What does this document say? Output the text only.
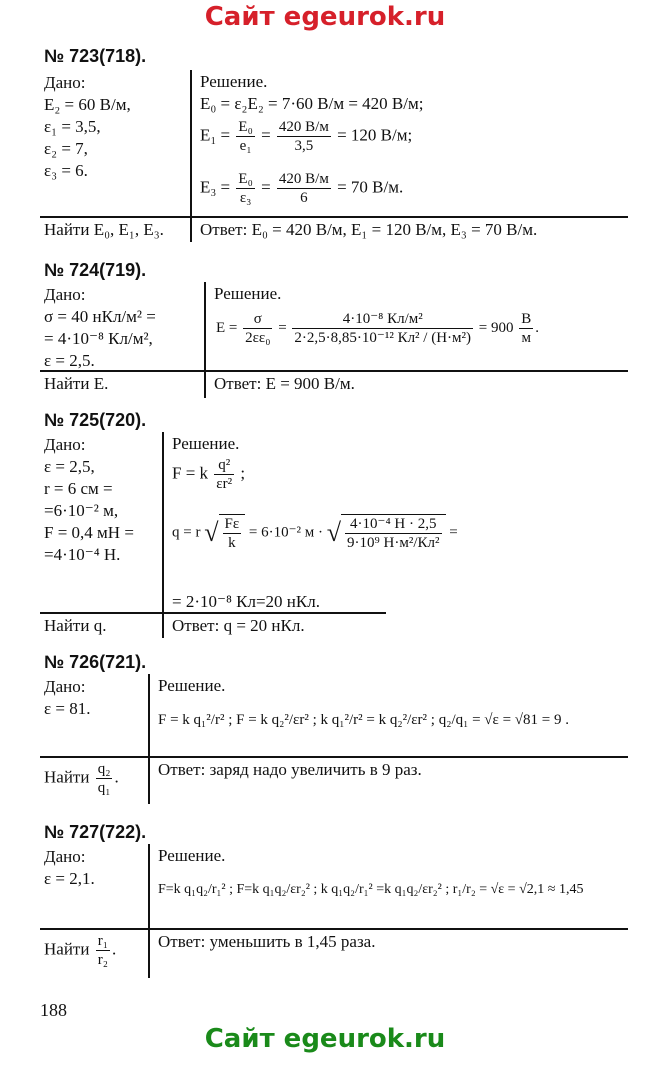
Сайт egeurok.ru
№ 723(718).
Дано:
E₂ = 60 В/м,
ε₁ = 3,5,
ε₂ = 7,
ε₃ = 6.
Решение.
E₀ = ε₂E₂ = 7·60 В/м = 420 В/м;
$E_1 = \frac{\text{E₀}}{\text{e₁}} = \frac{420 В/м}{3,5} = 120$ В/м;
$E_3 = \frac{\text{E₀}}{\text{ε₃}} = \frac{420 В/м}{6} = 70$ В/м.
Найти E₀, E₁, E₃. Ответ: E₀ = 420 В/м, E₁ = 120 В/м, E₃ = 70 В/м.
№ 724(719).
Дано:
σ = 40 нКл/м² =
= 4·10⁻⁸ Кл/м²,
ε = 2,5.
Решение.
$E = \frac{\sigma}{\text{2εε₀}} = \frac{\text{4·10⁻⁸ Кл/м²}}{\text{2·2,5·8,85·10⁻¹² Кл² / (Н·м²)}} = 900 \frac{В}{м}$ .
Найти E.	Ответ: E = 900 В/м.
№ 725(720).
Дано:
ε = 2,5,
r = 6 см =
=6·10⁻² м,
F = 0,4 мН =
=4·10⁻⁴ Н.
Решение.
F = k $\frac{\text{q²}}{\text{εr²}}$ ;
q = r √ $\frac{F\varepsilon}{k} = 6\cdot 10^{-2}$ м · √ $\frac{\text{4·10⁻⁴ Н · 2,5}}{\text{9·10⁹ Н·м²/Кл²}}$ =
= 2·10⁻⁸ Кл=20 нКл.
Найти q.	Ответ: q = 20 нКл.
№ 726(721).
Дано:
ε = 81.
Решение.
F = k q₁²/r² ; F = k q₂²/εr² ; k q₁²/r² = k q₂²/εr² ; q₂/q₁ = √ε = √81 = 9 .
Найти $\frac{\text{q₂}}{\text{q₁}}$ . Ответ: заряд надо увеличить в 9 раз.
№ 727(722).
Дано:
ε = 2,1.
Решение.
F=k q₁q₂/r₁² ; F=k q₁q₂/εr₂² ; k q₁q₂/r₁² =k q₁q₂/εr₂² ; r₁/r₂ = √ε = √2,1 ≈ 1,45
Найти $\frac{\text{r₁}}{\text{r₂}}$ . Ответ: уменьшить в 1,45 раза.
188
Сайт egeurok.ru
